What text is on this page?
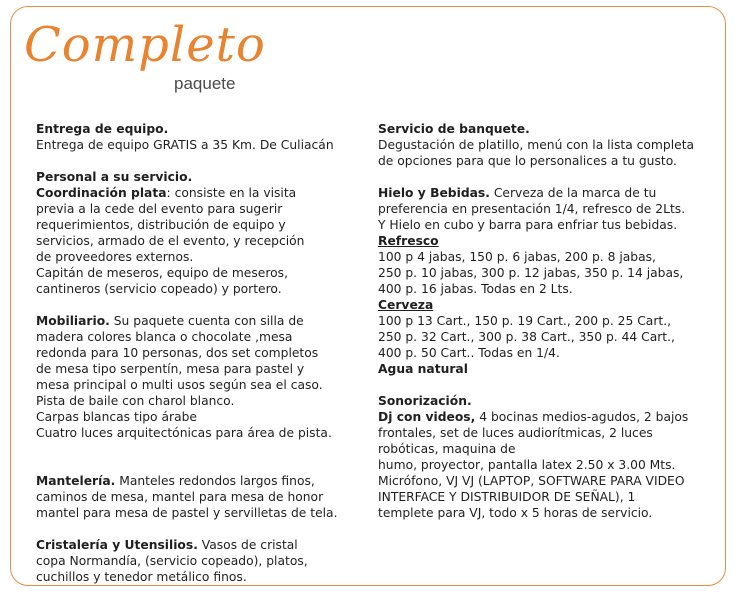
Completo
paquete
Entrega de equipo.
Entrega de equipo GRATIS a 35 Km. De Culiacán
Personal a su servicio.
Coordinación plata: consiste en la visita
previa a la cede del evento para sugerir
requerimientos, distribución de equipo y
servicios, armado de el evento, y recepción
de proveedores externos.
Capitán de meseros, equipo de meseros,
cantineros (servicio copeado) y portero.
Mobiliario. Su paquete cuenta con silla de
madera colores blanca o chocolate ,mesa
redonda para 10 personas, dos set completos
de mesa tipo serpentín, mesa para pastel y
mesa principal o multi usos según sea el caso.
Pista de baile con charol blanco.
Carpas blancas tipo árabe
Cuatro luces arquitectónicas para área de pista.
Mantelería. Manteles redondos largos finos,
caminos de mesa, mantel para mesa de honor
mantel para mesa de pastel y servilletas de tela.
Cristalería y Utensilios. Vasos de cristal
copa Normandía, (servicio copeado), platos,
cuchillos y tenedor metálico finos.
Servicio de banquete.
Degustación de platillo, menú con la lista completa
de opciones para que lo personalices a tu gusto.
Hielo y Bebidas. Cerveza de la marca de tu
preferencia en presentación 1/4, refresco de 2Lts.
Y Hielo en cubo y barra para enfriar tus bebidas.
Refresco
100 p 4 jabas, 150 p. 6 jabas, 200 p. 8 jabas,
250 p. 10 jabas, 300 p. 12 jabas, 350 p. 14 jabas,
400 p. 16 jabas. Todas en 2 Lts.
Cerveza
100 p 13 Cart., 150 p. 19 Cart., 200 p. 25 Cart.,
250 p. 32 Cart., 300 p. 38 Cart., 350 p. 44 Cart.,
400 p. 50 Cart.. Todas en 1/4.
Agua natural
Sonorización.
Dj con videos, 4 bocinas medios-agudos, 2 bajos
frontales, set de luces audiorítmicas, 2 luces
robóticas, maquina de
humo, proyector, pantalla latex 2.50 x 3.00 Mts.
Micrófono, VJ VJ (LAPTOP, SOFTWARE PARA VIDEO
INTERFACE Y DISTRIBUIDOR DE SEÑAL), 1
templete para VJ, todo x 5 horas de servicio.
